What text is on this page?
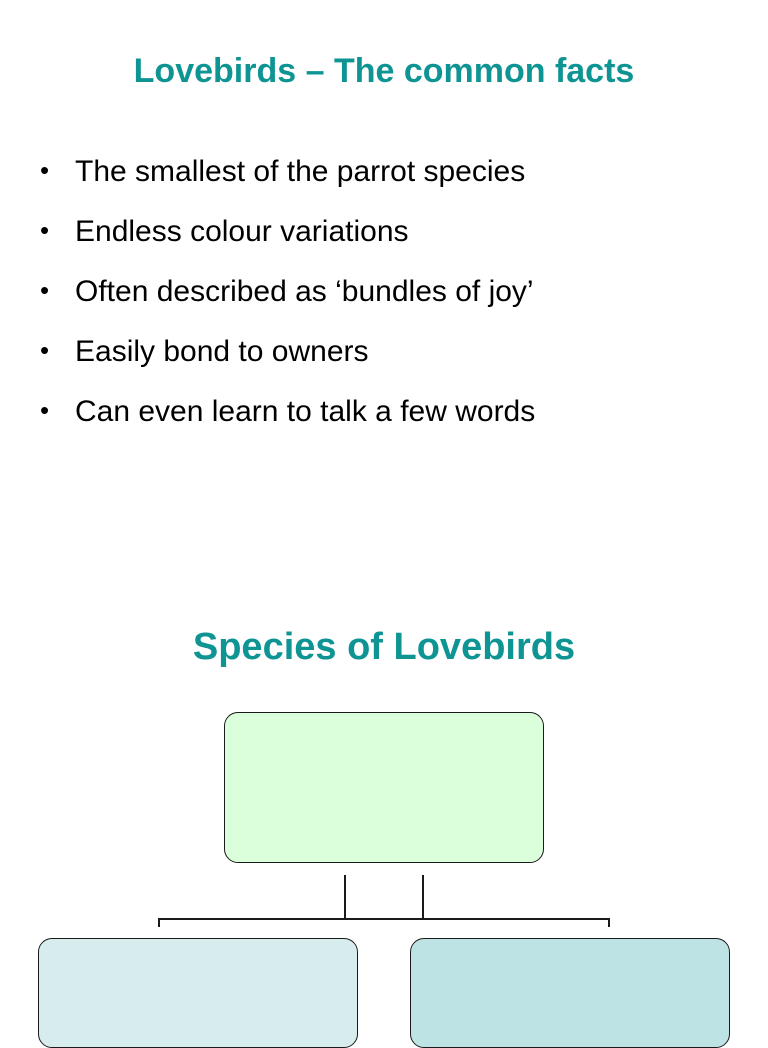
Lovebirds – The common facts
• The smallest of the parrot species
• Endless colour variations
• Often described as ‘bundles of joy’
• Easily bond to owners
• Can even learn to talk a few words
Species of Lovebirds
